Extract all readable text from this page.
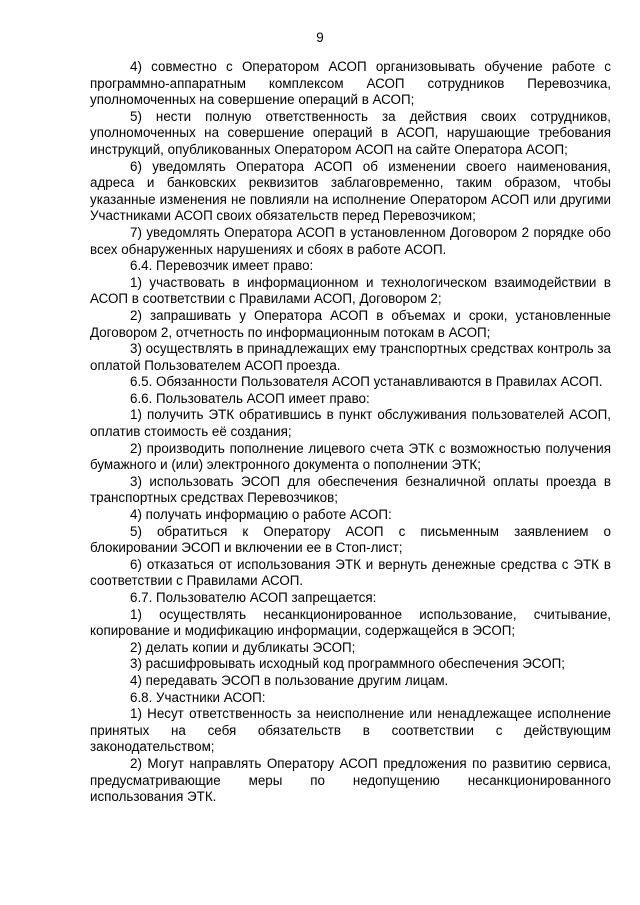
9

4) совместно с Оператором АСОП организовывать обучение работе с программно-аппаратным комплексом АСОП сотрудников Перевозчика, уполномоченных на совершение операций в АСОП;

5) нести полную ответственность за действия своих сотрудников, уполномоченных на совершение операций в АСОП, нарушающие требования инструкций, опубликованных Оператором АСОП на сайте Оператора АСОП;

6) уведомлять Оператора АСОП об изменении своего наименования, адреса и банковских реквизитов заблаговременно, таким образом, чтобы указанные изменения не повлияли на исполнение Оператором АСОП или другими Участниками АСОП своих обязательств перед Перевозчиком;

7) уведомлять Оператора АСОП в установленном Договором 2 порядке обо всех обнаруженных нарушениях и сбоях в работе АСОП.

6.4. Перевозчик имеет право:

1) участвовать в информационном и технологическом взаимодействии в АСОП в соответствии с Правилами АСОП, Договором 2;

2) запрашивать у Оператора АСОП в объемах и сроки, установленные Договором 2, отчетность по информационным потокам в АСОП;

3) осуществлять в принадлежащих ему транспортных средствах контроль за оплатой Пользователем АСОП проезда.

6.5. Обязанности Пользователя АСОП устанавливаются в Правилах АСОП.

6.6. Пользователь АСОП имеет право:

1) получить ЭТК обратившись в пункт обслуживания пользователей АСОП, оплатив стоимость её создания;

2) производить пополнение лицевого счета ЭТК с возможностью получения бумажного и (или) электронного документа о пополнении ЭТК;

3) использовать ЭСОП для обеспечения безналичной оплаты проезда в транспортных средствах Перевозчиков;

4) получать информацию о работе АСОП:

5) обратиться к Оператору АСОП с письменным заявлением о блокировании ЭСОП и включении ее в Стоп-лист;

6) отказаться от использования ЭТК и вернуть денежные средства с ЭТК в соответствии с Правилами АСОП.

6.7. Пользователю АСОП запрещается:

1) осуществлять несанкционированное использование, считывание, копирование и модификацию информации, содержащейся в ЭСОП;

2) делать копии и дубликаты ЭСОП;

3) расшифровывать исходный код программного обеспечения ЭСОП;

4) передавать ЭСОП в пользование другим лицам.

6.8. Участники АСОП:

1) Несут ответственность за неисполнение или ненадлежащее исполнение принятых на себя обязательств в соответствии с действующим законодательством;

2) Могут направлять Оператору АСОП предложения по развитию сервиса, предусматривающие меры по недопущению несанкционированного использования ЭТК.
